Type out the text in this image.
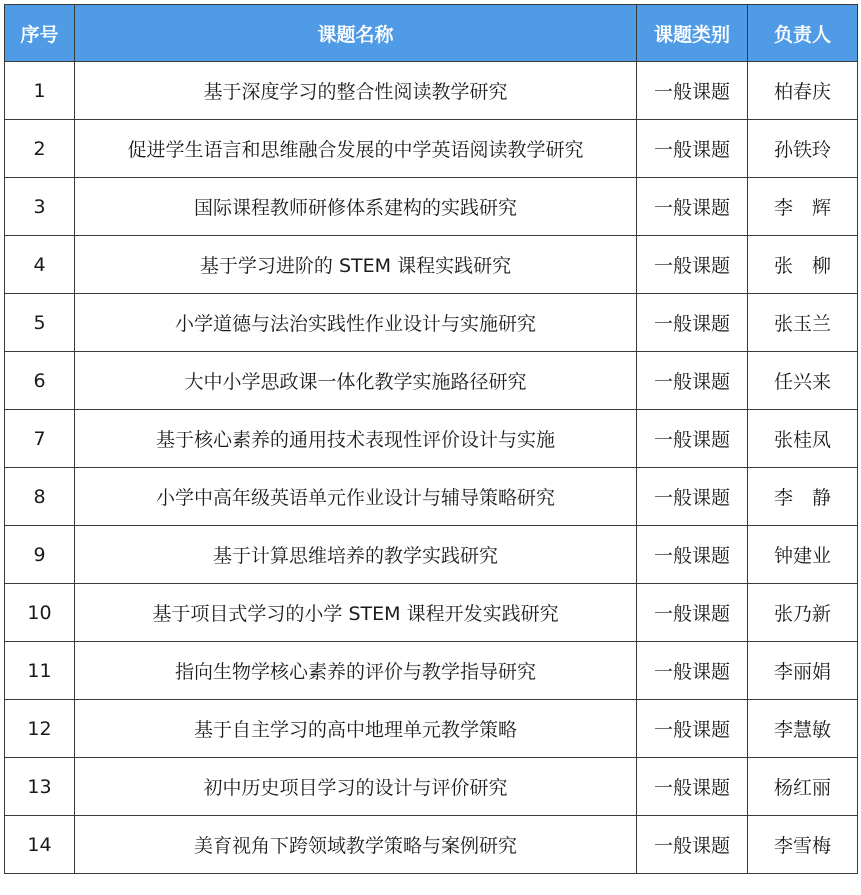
序号	课题名称	课题类别	负责人
1	基于深度学习的整合性阅读教学研究	一般课题	柏春庆
2	促进学生语言和思维融合发展的中学英语阅读教学研究	一般课题	孙铁玲
3	国际课程教师研修体系建构的实践研究	一般课题	李　辉
4	基于学习进阶的 STEM 课程实践研究	一般课题	张　柳
5	小学道德与法治实践性作业设计与实施研究	一般课题	张玉兰
6	大中小学思政课一体化教学实施路径研究	一般课题	任兴来
7	基于核心素养的通用技术表现性评价设计与实施	一般课题	张桂凤
8	小学中高年级英语单元作业设计与辅导策略研究	一般课题	李　静
9	基于计算思维培养的教学实践研究	一般课题	钟建业
10	基于项目式学习的小学 STEM 课程开发实践研究	一般课题	张乃新
11	指向生物学核心素养的评价与教学指导研究	一般课题	李丽娟
12	基于自主学习的高中地理单元教学策略	一般课题	李慧敏
13	初中历史项目学习的设计与评价研究	一般课题	杨红丽
14	美育视角下跨领域教学策略与案例研究	一般课题	李雪梅
